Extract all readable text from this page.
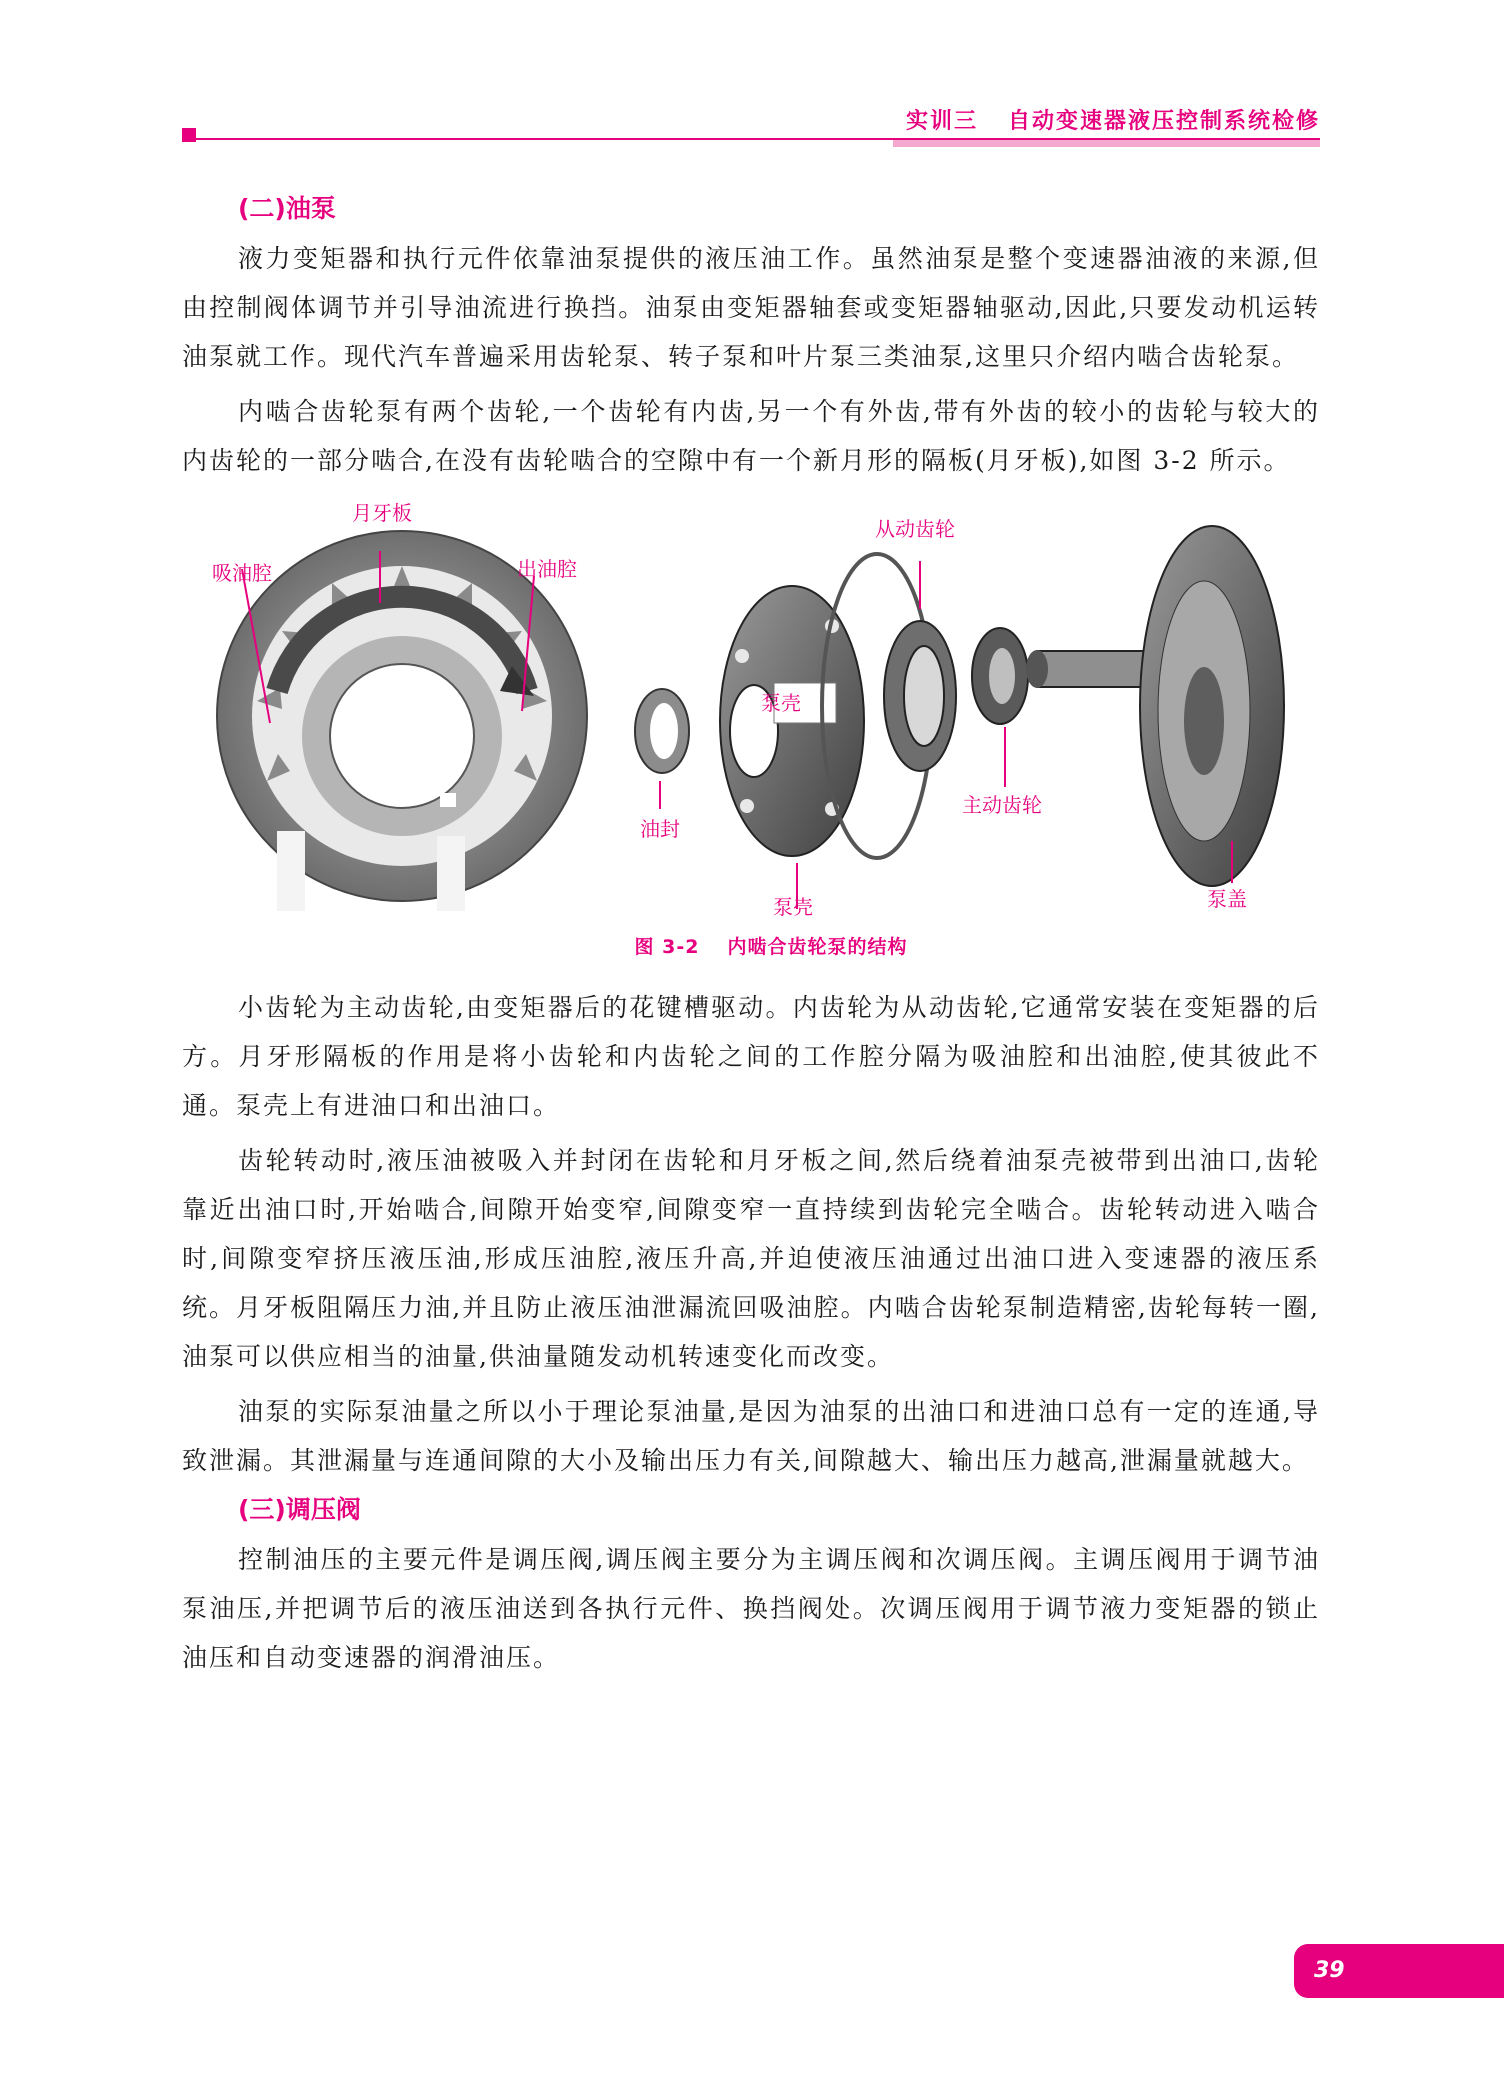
实训三 自动变速器液压控制系统检修
(二)油泵

液力变矩器和执行元件依靠油泵提供的液压油工作。虽然油泵是整个变速器油液的来源,但由控制阀体调节并引导油流进行换挡。油泵由变矩器轴套或变矩器轴驱动,因此,只要发动机运转油泵就工作。现代汽车普遍采用齿轮泵、转子泵和叶片泵三类油泵,这里只介绍内啮合齿轮泵。

内啮合齿轮泵有两个齿轮,一个齿轮有内齿,另一个有外齿,带有外齿的较小的齿轮与较大的内齿轮的一部分啮合,在没有齿轮啮合的空隙中有一个新月形的隔板(月牙板),如图 3-2 所示。

月牙板
吸油腔	出油腔
从动齿轮
泵壳
主动齿轮
油封
泵盖
泵壳
图 3-2 内啮合齿轮泵的结构

小齿轮为主动齿轮,由变矩器后的花键槽驱动。内齿轮为从动齿轮,它通常安装在变矩器的后方。月牙形隔板的作用是将小齿轮和内齿轮之间的工作腔分隔为吸油腔和出油腔,使其彼此不通。泵壳上有进油口和出油口。

齿轮转动时,液压油被吸入并封闭在齿轮和月牙板之间,然后绕着油泵壳被带到出油口,齿轮靠近出油口时,开始啮合,间隙开始变窄,间隙变窄一直持续到齿轮完全啮合。齿轮转动进入啮合时,间隙变窄挤压液压油,形成压油腔,液压升高,并迫使液压油通过出油口进入变速器的液压系统。月牙板阻隔压力油,并且防止液压油泄漏流回吸油腔。内啮合齿轮泵制造精密,齿轮每转一圈,油泵可以供应相当的油量,供油量随发动机转速变化而改变。

油泵的实际泵油量之所以小于理论泵油量,是因为油泵的出油口和进油口总有一定的连通,导致泄漏。其泄漏量与连通间隙的大小及输出压力有关,间隙越大、输出压力越高,泄漏量就越大。

(三)调压阀

控制油压的主要元件是调压阀,调压阀主要分为主调压阀和次调压阀。主调压阀用于调节油泵油压,并把调节后的液压油送到各执行元件、换挡阀处。次调压阀用于调节液力变矩器的锁止油压和自动变速器的润滑油压。

39
